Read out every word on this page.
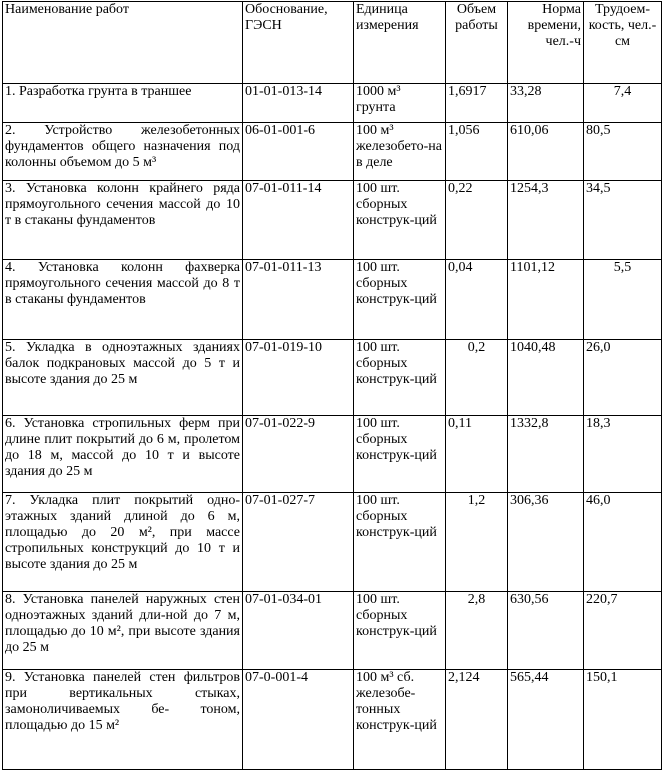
Наименование работ	Обоснование, ГЭСН	Единица измерения	Объем работы	Норма времени, чел.-ч	Трудоем-кость, чел.-см
1. Разработка грунта в траншее	01-01-013-14	1000 м³ грунта	1,6917	33,28	7,4
2. Устройство железобетонных фундаментов общего назначения под колонны объемом до 5 м³	06-01-001-6	100 м³ железобето-на в деле	1,056	610,06	80,5
3. Установка колонн крайнего ряда прямоугольного сечения массой до 10 т в стаканы фундаментов	07-01-011-14	100 шт. сборных конструк-ций	0,22	1254,3	34,5
4. Установка колонн фахверка прямоугольного сечения массой до 8 т в стаканы фундаментов	07-01-011-13	100 шт. сборных конструк-ций	0,04	1101,12	5,5
5. Укладка в одноэтажных зданиях балок подкрановых массой до 5 т и высоте здания до 25 м	07-01-019-10	100 шт. сборных конструк-ций	0,2	1040,48	26,0
6. Установка стропильных ферм при длине плит покрытий до 6 м, пролетом до 18 м, массой до 10 т и высоте здания до 25 м	07-01-022-9	100 шт. сборных конструк-ций	0,11	1332,8	18,3
7. Укладка плит покрытий одно-этажных зданий длиной до 6 м, площадью до 20 м², при массе стропильных конструкций до 10 т и высоте здания до 25 м	07-01-027-7	100 шт. сборных конструк-ций	1,2	306,36	46,0
8. Установка панелей наружных стен одноэтажных зданий дли-ной до 7 м, площадью до 10 м², при высоте здания до 25 м	07-01-034-01	100 шт. сборных конструк-ций	2,8	630,56	220,7
9. Установка панелей стен фильтров при вертикальных стыках, замоноличиваемых бе- тоном, площадью до 15 м²	07-0-001-4	100 м³ сб. железобе-тонных конструк-ций	2,124	565,44	150,1
